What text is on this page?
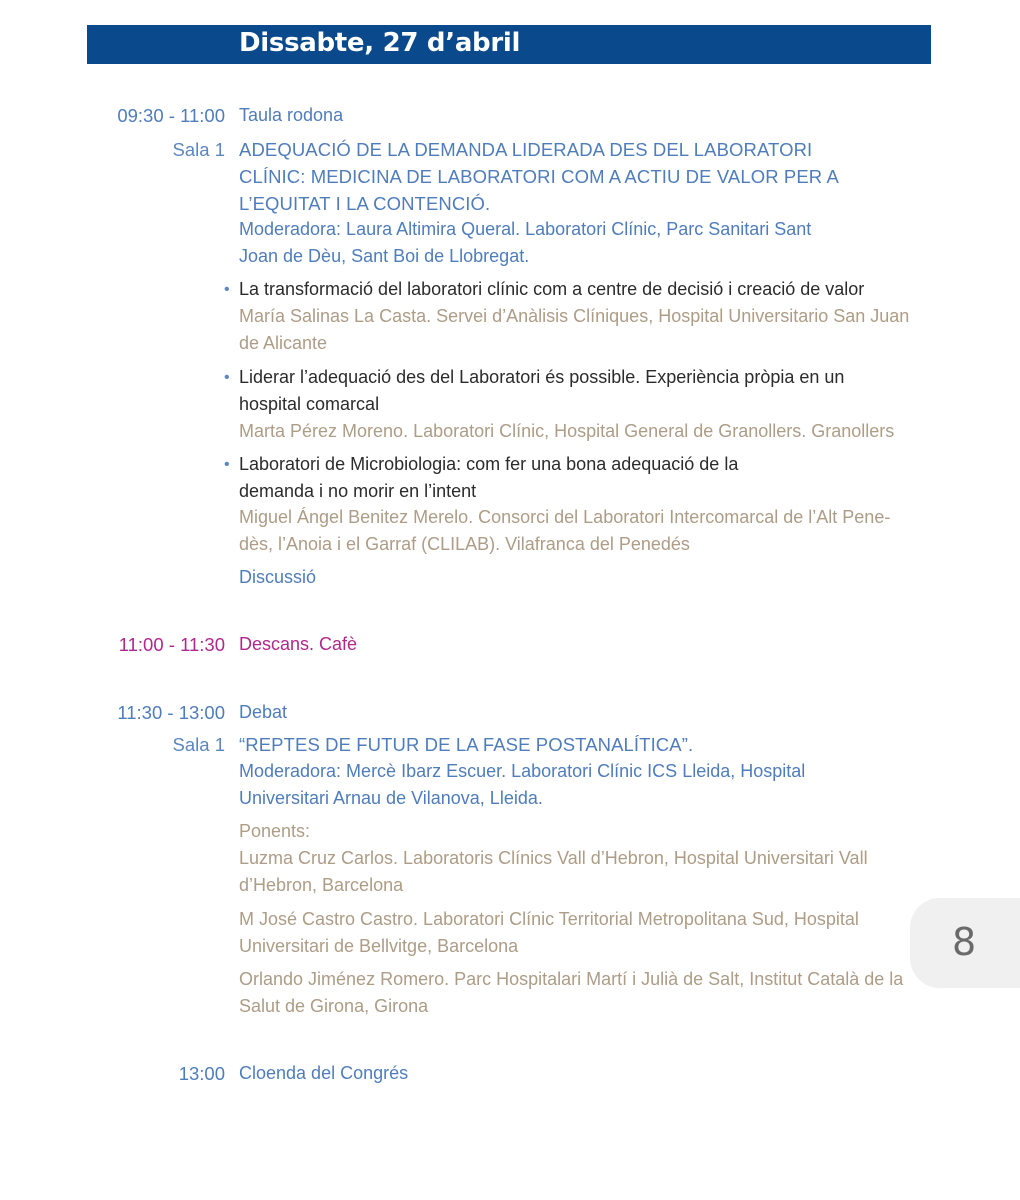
Dissabte, 27 d’abril
09:30 - 11:00 Taula rodona
Sala 1 ADEQUACIÓ DE LA DEMANDA LIDERADA DES DEL LABORATORI
CLÍNIC: MEDICINA DE LABORATORI COM A ACTIU DE VALOR PER A
L’EQUITAT I LA CONTENCIÓ.
Moderadora: Laura Altimira Queral. Laboratori Clínic, Parc Sanitari Sant
Joan de Dèu, Sant Boi de Llobregat.
• La transformació del laboratori clínic com a centre de decisió i creació de valor
María Salinas La Casta. Servei d’Anàlisis Clíniques, Hospital Universitario San Juan
de Alicante
• Liderar l’adequació des del Laboratori és possible. Experiència pròpia en un
hospital comarcal
Marta Pérez Moreno. Laboratori Clínic, Hospital General de Granollers. Granollers
• Laboratori de Microbiologia: com fer una bona adequació de la
demanda i no morir en l’intent
Miguel Ángel Benitez Merelo. Consorci del Laboratori Intercomarcal de l’Alt Pene-
dès, l’Anoia i el Garraf (CLILAB). Vilafranca del Penedés
Discussió
11:00 - 11:30 Descans. Cafè
11:30 - 13:00 Debat
Sala 1 “REPTES DE FUTUR DE LA FASE POSTANALÍTICA”.
Moderadora: Mercè Ibarz Escuer. Laboratori Clínic ICS Lleida, Hospital
Universitari Arnau de Vilanova, Lleida.
Ponents:
Luzma Cruz Carlos. Laboratoris Clínics Vall d’Hebron, Hospital Universitari Vall
d’Hebron, Barcelona
M José Castro Castro. Laboratori Clínic Territorial Metropolitana Sud, Hospital
Universitari de Bellvitge, Barcelona
Orlando Jiménez Romero. Parc Hospitalari Martí i Julià de Salt, Institut Català de la
Salut de Girona, Girona
13:00 Cloenda del Congrés
8
